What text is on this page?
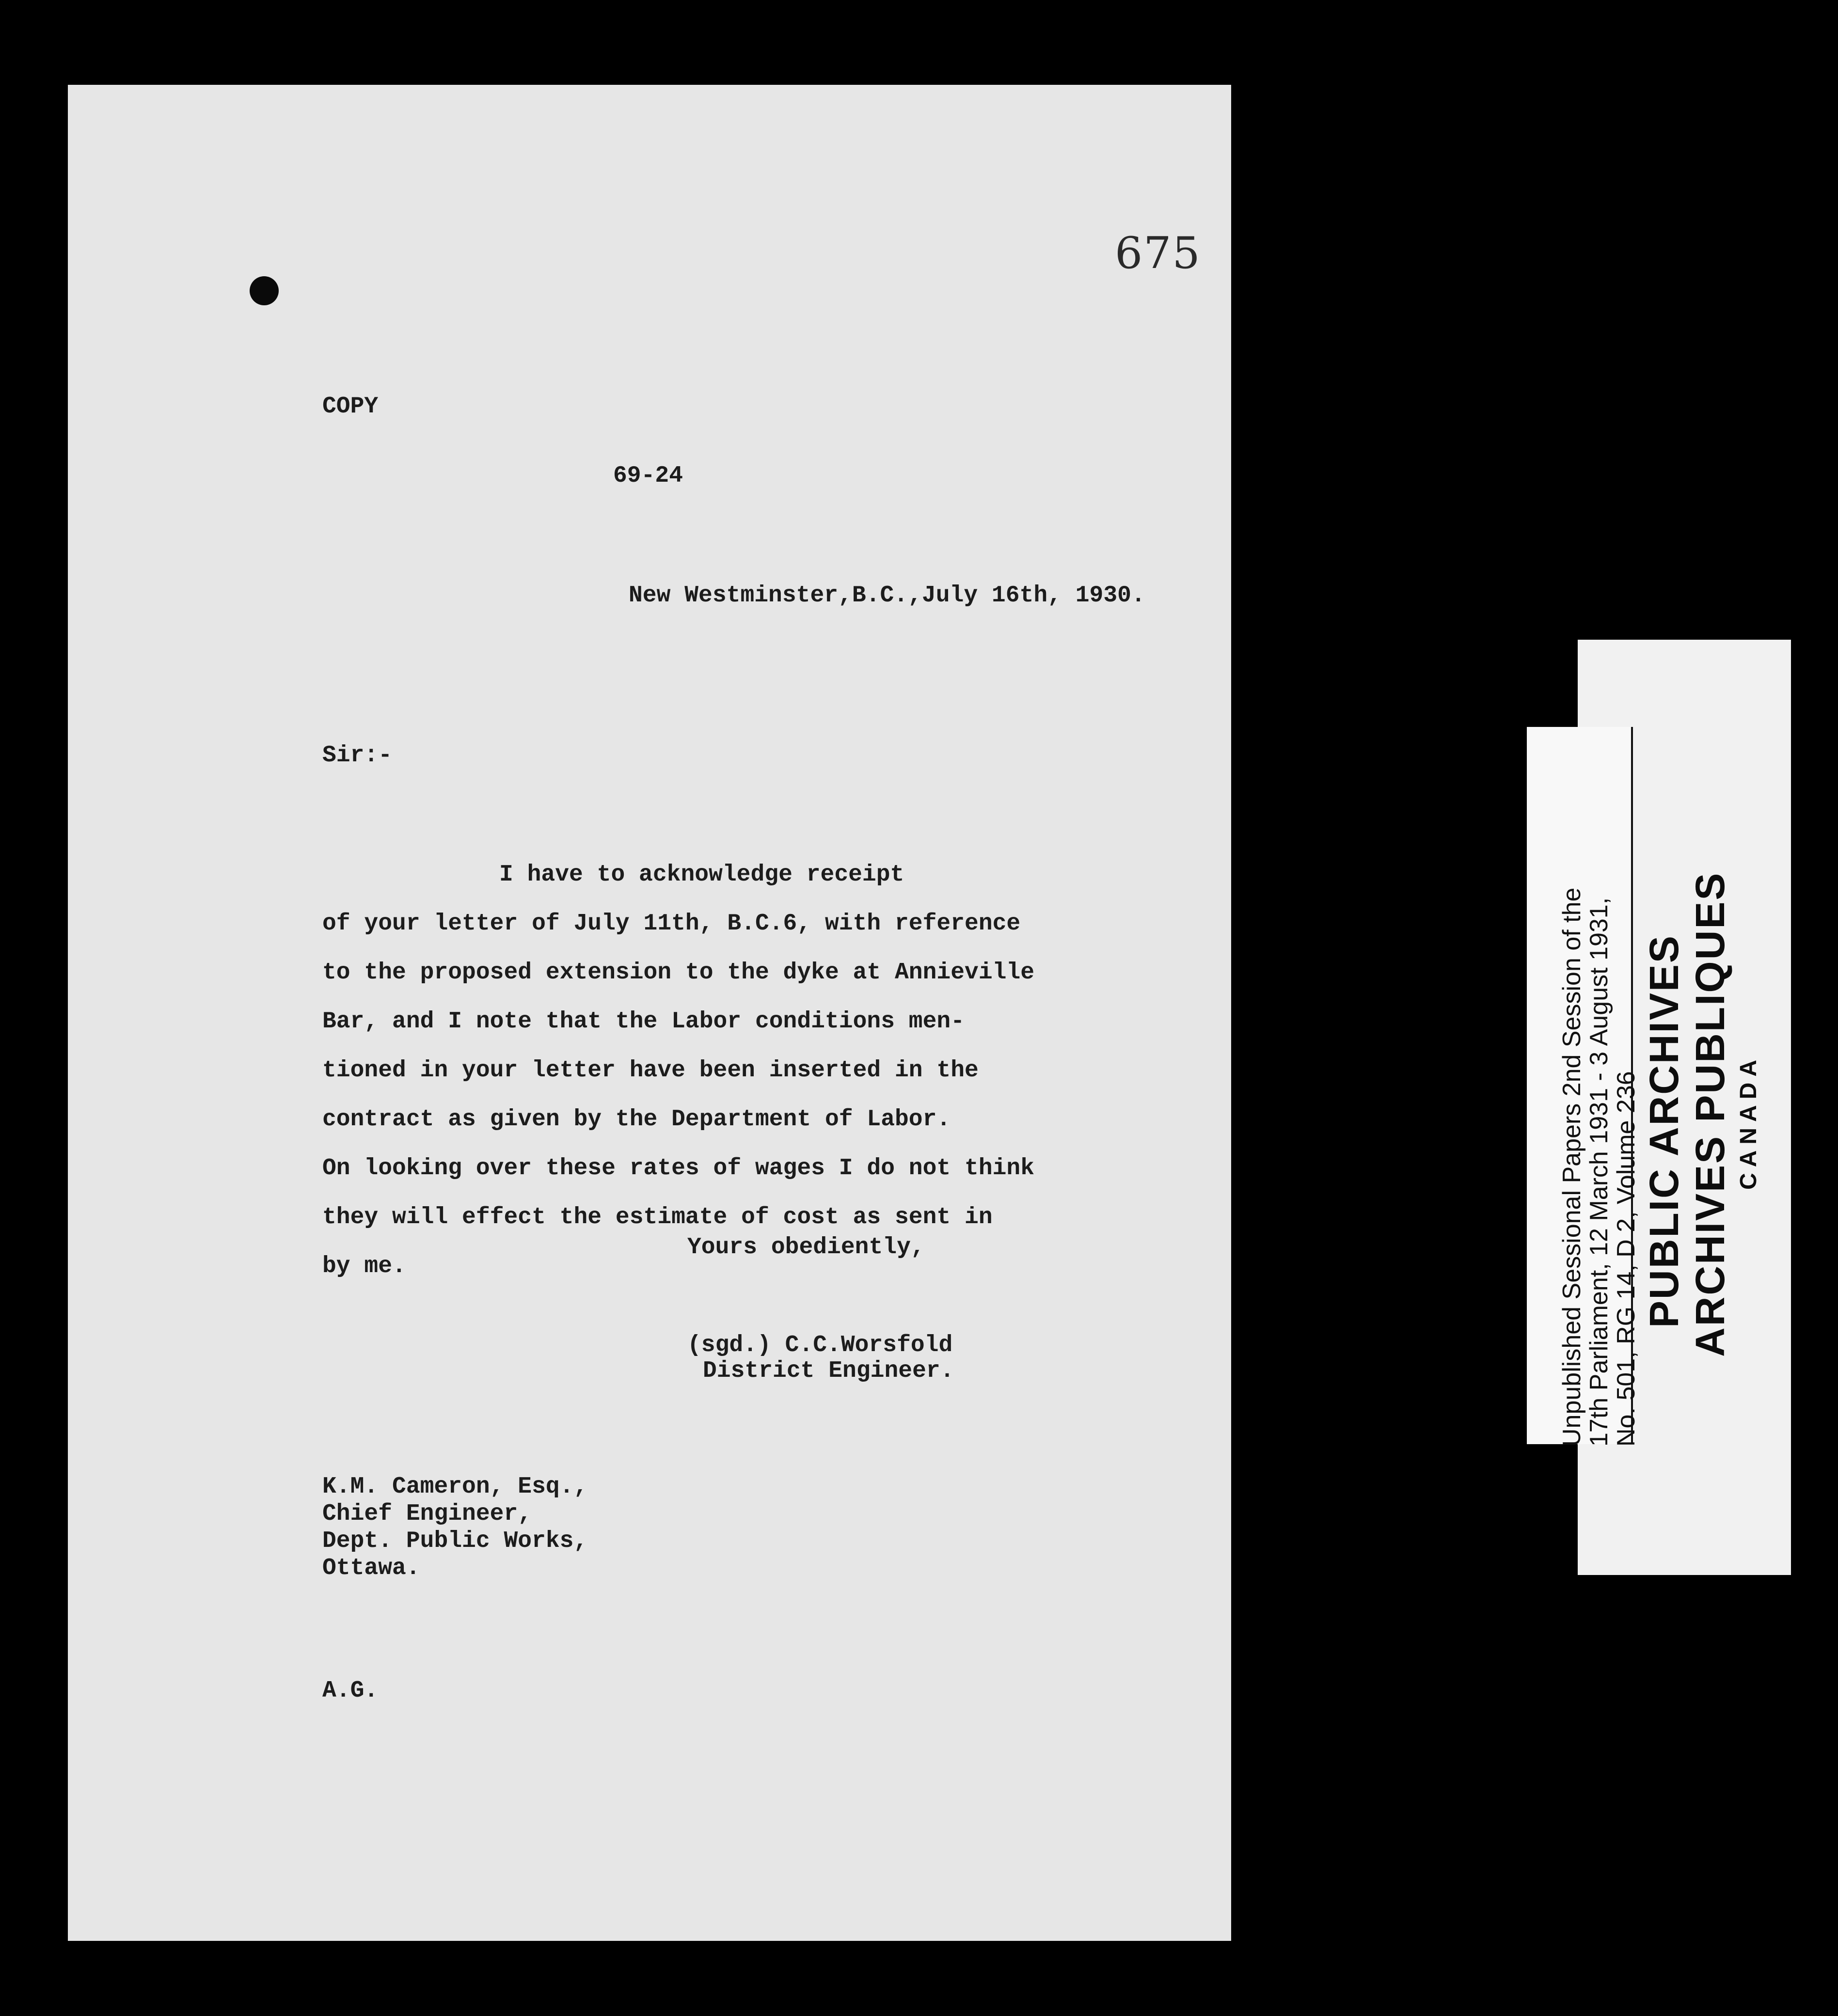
675
COPY
69-24
New Westminster,B.C.,July 16th, 1930.
Sir:-
I have to acknowledge receipt
of your letter of July 11th, B.C.6, with reference
to the proposed extension to the dyke at Annieville
Bar, and I note that the Labor conditions men-
tioned in your letter have been inserted in the
contract as given by the Department of Labor.
On looking over these rates of wages I do not think
they will effect the estimate of cost as sent in
by me.
Yours obediently,
(sgd.) C.C.Worsfold
District Engineer.
K.M. Cameron, Esq.,
Chief Engineer,
Dept. Public Works,
Ottawa.
A.G.
Unpublished Sessional Papers 2nd Session of the
17th Parliament, 12 March 1931 - 3 August 1931,
No. 501, RG 14, D 2, Volume 236 PUBLIC ARCHIVES ARCHIVES PUBLIQUES CANADA
